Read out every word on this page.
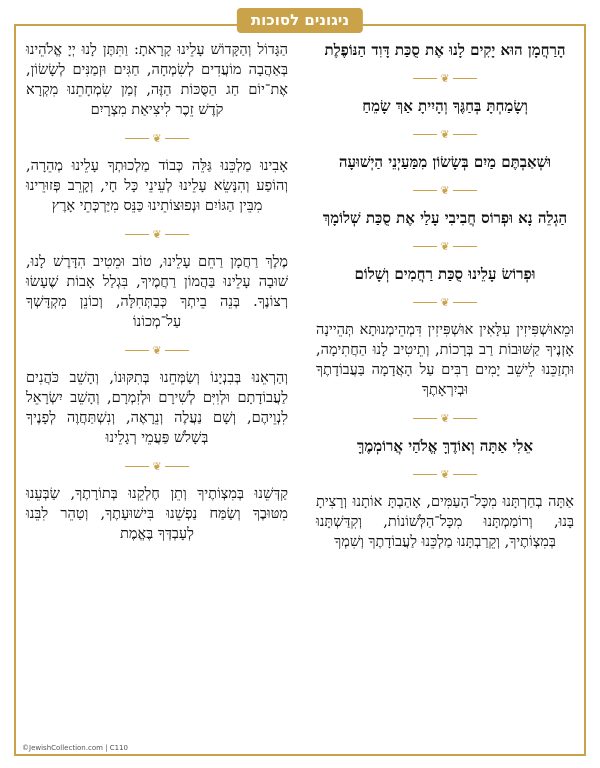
ניגונים לסוכות

הָרַחֲמָן הוּא יָקִים לָנוּ אֶת סֻכַּת דָּוִד הַנּוֹפֶלֶת

❦

וְשָׂמַחְתָּ בְּחַגֶּךָ וְהָיִיתָ אַךְ שָׂמֵחַ

❦

וּשְׁאַבְתֶּם מַיִם בְּשָׂשׂוֹן מִמַּעַיְנֵי הַיְשׁוּעָה

❦

הַגְלֵה נָא וּפְרוֹס חֲבִיבִי עָלַי אֶת סֻכַּת שְׁלוֹמָךְ

❦

וּפְרוֹשׂ עָלֵינוּ סֻכַּת רַחֲמִים וְשָׁלוֹם

❦

וּמֵאוּשְׁפִּיזִין עִלָּאִין אוּשְׁפִּיזִין דִּמְהֵימְנוּתָא תְּהֵיינָה אָזְנֶיךָ קַשּׁוּבוֹת רַב בְּרָכוֹת, וְתֵיטִיב לָנוּ הַחֲתִימָה, וּתְזַכֵּנוּ לֵישֵׁב יָמִים רַבִּים עַל הָאֲדָמָה בַּעֲבוֹדָתֶךָ וּבְיִרְאָתֶךָ

❦

אֵלִי אַתָּה וְאוֹדֶךָּ אֱלֹהַי אֲרוֹמְמֶךָּ

❦

אַתָּה בְחַרְתָּנוּ מִכָּל־הָעַמִּים, אָהַבְתָּ אוֹתָנוּ וְרָצִיתָ בָּנוּ, וְרוֹמַמְתָּנוּ מִכָּל־הַלְּשׁוֹנוֹת, וְקִדַּשְׁתָּנוּ בְּמִצְוֹתֶיךָ, וְקֵרַבְתָּנוּ מַלְכֵּנוּ לַעֲבוֹדָתֶךָ וְשִׁמְךָ

הַגָּדוֹל וְהַקָּדוֹשׁ עָלֵינוּ קָרָאתָ: וַתִּתֶּן לָנוּ יְיָ אֱלֹהֵינוּ בְּאַהֲבָה מוֹעֲדִים לְשִׂמְחָה, חַגִּים וּזְמַנִּים לְשָׂשׂוֹן, אֶת־יוֹם חַג הַסֻּכּוֹת הַזֶּה, זְמַן שִׂמְחָתֵנוּ מִקְרָא קֹדֶשׁ זֵכֶר לִיצִיאַת מִצְרָיִם

❦

אָבִינוּ מַלְכֵּנוּ גַּלֵּה כְּבוֹד מַלְכוּתְךָ עָלֵינוּ מְהֵרָה, וְהוֹפַע וְהִנָּשֵׂא עָלֵינוּ לְעֵינֵי כָּל חָי, וְקָרֵב פְּזוּרֵינוּ מִבֵּין הַגּוֹיִם וּנְפוּצוֹתֵינוּ כַּנֵּס מִיַּרְכְּתֵי אָרֶץ

❦

מֶלֶךְ רַחֲמָן רַחֵם עָלֵינוּ, טוֹב וּמֵטִיב הִדָּרֶשׁ לָנוּ, שׁוּבָה עָלֵינוּ בַּהֲמוֹן רַחֲמֶיךָ, בִּגְלַל אָבוֹת שֶׁעָשׂוּ רְצוֹנֶךָ. בְּנֵה בֵיתְךָ כְּבַתְּחִלָּה, וְכוֹנֵן מִקְדָּשְׁךָ עַל־מְכוֹנוֹ

❦

וְהַרְאֵנוּ בְּבִנְיָנוֹ וְשַׂמְּחֵנוּ בְּתִקּוּנוֹ, וְהָשֵׁב כֹּהֲנִים לַעֲבוֹדָתָם וּלְוִיִּם לְשִׁירָם וּלְזִמְרָם, וְהָשֵׁב יִשְׂרָאֵל לִנְוֵיהֶם, וְשָׁם נַעֲלֶה וְנֵרָאֶה, וְנִשְׁתַּחֲוֶה לְפָנֶיךָ בְּשָׁלֹשׁ פַּעֲמֵי רְגָלֵינוּ

❦

קַדְּשֵׁנוּ בְּמִצְוֹתֶיךָ וְתֵן חֶלְקֵנוּ בְּתוֹרָתֶךָ, שַׂבְּעֵנוּ מִטּוּבֶךָ וְשַׂמַּח נַפְשֵׁנוּ בִּישׁוּעָתֶךָ, וְטַהֵר לִבֵּנוּ לְעָבְדְּךָ בֶּאֱמֶת

©JewishCollection.com | C110
